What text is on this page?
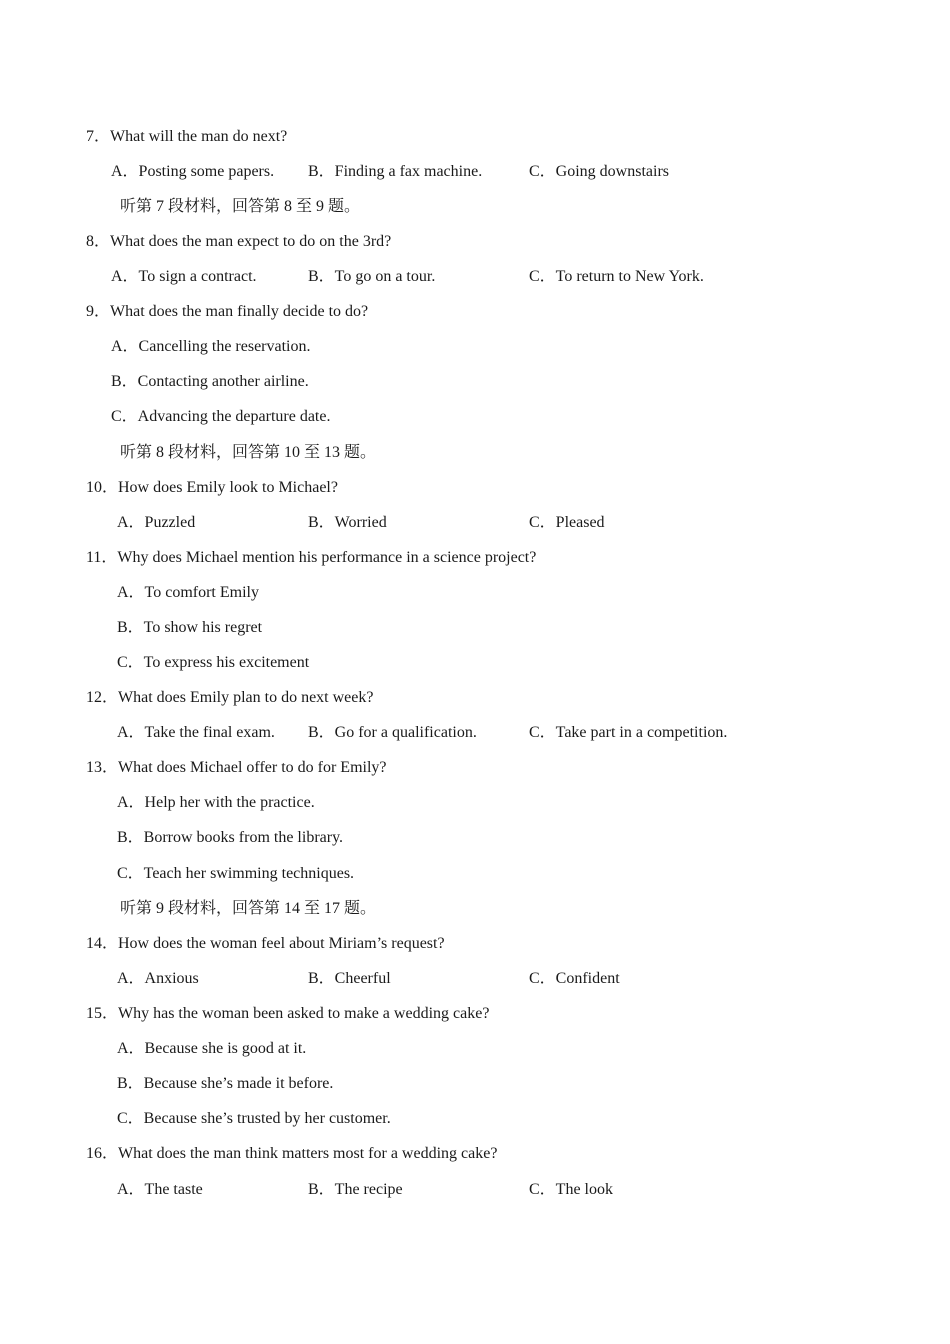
7．What will the man do next?
A．Posting some papers. B．Finding a fax machine.	C．Going downstairs
听第 7 段材料，回答第 8 至 9 题。
8．What does the man expect to do on the 3rd?
A．To sign a contract.	B．To go on a tour.	C．To return to New York.
9．What does the man finally decide to do?
A．Cancelling the reservation.
B．Contacting another airline.
C．Advancing the departure date.
听第 8 段材料，回答第 10 至 13 题。
10．How does Emily look to Michael?
A．Puzzled	B．Worried	C．Pleased
11．Why does Michael mention his performance in a science project?
A．To comfort Emily
B．To show his regret
C．To express his excitement
12．What does Emily plan to do next week?
A．Take the final exam. B．Go for a qualification.	C．Take part in a competition.
13．What does Michael offer to do for Emily?
A．Help her with the practice.
B．Borrow books from the library.
C．Teach her swimming techniques.
听第 9 段材料，回答第 14 至 17 题。
14．How does the woman feel about Miriam’s request?
A．Anxious	B．Cheerful	C．Confident
15．Why has the woman been asked to make a wedding cake?
A．Because she is good at it.
B．Because she’s made it before.
C．Because she’s trusted by her customer.
16．What does the man think matters most for a wedding cake?
A．The taste	B．The recipe	C．The look
